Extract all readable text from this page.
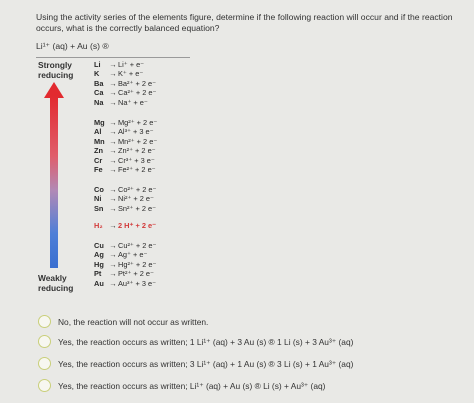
Using the activity series of the elements figure, determine if the following reaction will occur and if the reaction occurs, what is the correctly balanced equation?
Li¹⁺ (aq) + Au (s) ®
Strongly reducing
Weakly reducing
Li →Li⁺ + e⁻
K →K⁺ + e⁻
Ba →Ba²⁺ + 2 e⁻
Ca →Ca²⁺ + 2 e⁻
Na →Na⁺ + e⁻
Mg →Mg²⁺ + 2 e⁻
Al →Al³⁺ + 3 e⁻
Mn →Mn²⁺ + 2 e⁻
Zn →Zn²⁺ + 2 e⁻
Cr →Cr³⁺ + 3 e⁻
Fe →Fe²⁺ + 2 e⁻
Co →Co²⁺ + 2 e⁻
Ni →Ni²⁺ + 2 e⁻
Sn →Sn²⁺ + 2 e⁻
H₂ →2 H⁺ + 2 e⁻
Cu →Cu²⁺ + 2 e⁻
Ag →Ag⁺ + e⁻
Hg →Hg²⁺ + 2 e⁻
Pt →Pt²⁺ + 2 e⁻
Au →Au³⁺ + 3 e⁻
No, the reaction will not occur as written.
Yes, the reaction occurs as written; 1 Li¹⁺ (aq) + 3 Au (s) ® 1 Li (s) + 3 Au³⁺ (aq)
Yes, the reaction occurs as written; 3 Li¹⁺ (aq) + 1 Au (s) ® 3 Li (s) + 1 Au³⁺ (aq)
Yes, the reaction occurs as written; Li¹⁺ (aq) + Au (s) ® Li (s) + Au³⁺ (aq)
